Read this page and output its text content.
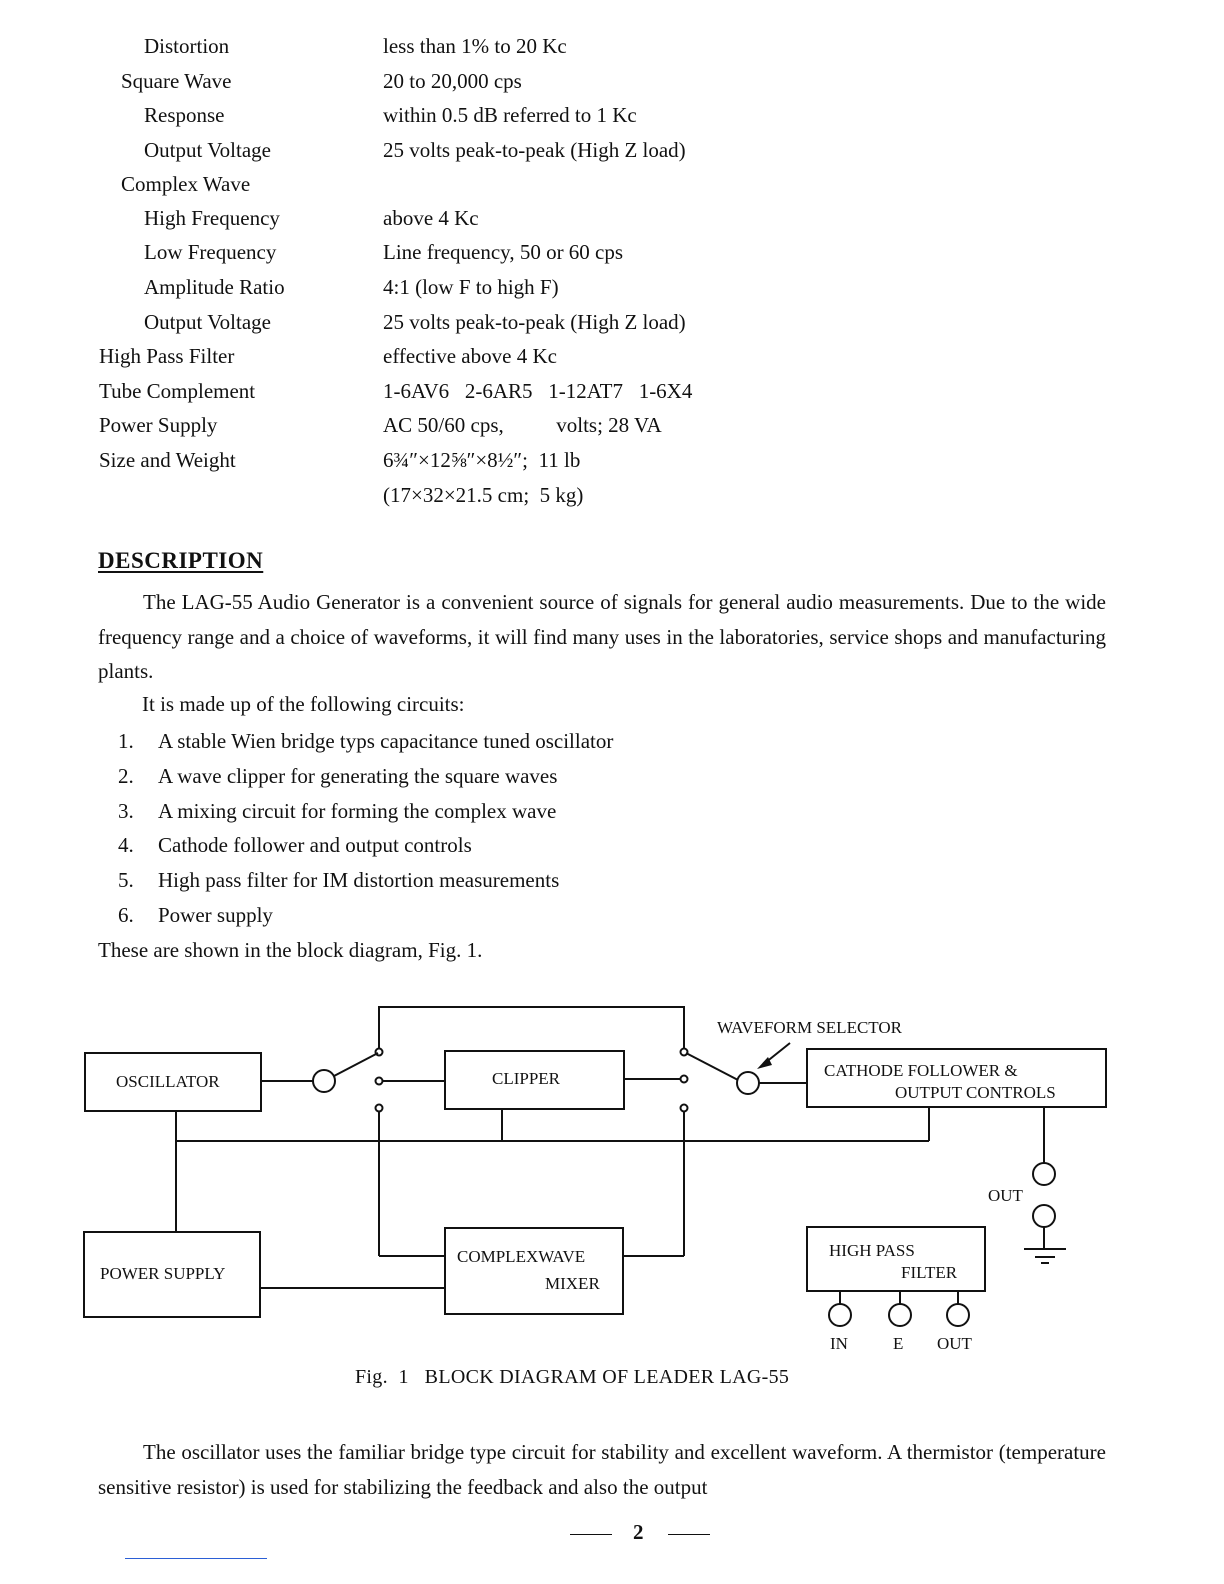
Distortion	less than 1% to 20 Kc
Square Wave	20 to 20,000 cps
Response	within 0.5 dB referred to 1 Kc
Output Voltage	25 volts peak-to-peak (High Z load)
Complex Wave
High Frequency	above 4 Kc
Low Frequency	Line frequency, 50 or 60 cps
Amplitude Ratio	4:1 (low F to high F)
Output Voltage	25 volts peak-to-peak (High Z load)
High Pass Filter	effective above 4 Kc
Tube Complement	1-6AV6   2-6AR5   1-12AT7   1-6X4
Power Supply	AC 50/60 cps,          volts; 28 VA
Size and Weight	6¾″×12⅝″×8½″;  11 lb
(17×32×21.5 cm;  5 kg)
DESCRIPTION

The LAG-55 Audio Generator is a convenient source of signals for general audio measurements. Due to the wide frequency range and a choice of waveforms, it will find many uses in the laboratories, service shops and manufacturing plants.

It is made up of the following circuits:
1. A stable Wien bridge typs capacitance tuned oscillator
2. A wave clipper for generating the square waves
3. A mixing circuit for forming the complex wave
4. Cathode follower and output controls
5. High pass filter for IM distortion measurements
6. Power supply
These are shown in the block diagram, Fig. 1.
OSCILLATOR	CLIPPER
WAVEFORM SELECTOR
CATHODE FOLLOWER &
OUTPUT CONTROLS
OUT
POWER SUPPLY
COMPLEXWAVE
MIXER
HIGH PASS
FILTER
IN	E OUT
Fig.  1   BLOCK DIAGRAM OF LEADER LAG-55

The oscillator uses the familiar bridge type circuit for stability and excellent waveform. A thermistor (temperature sensitive resistor) is used for stabilizing the feedback and also the output

2
